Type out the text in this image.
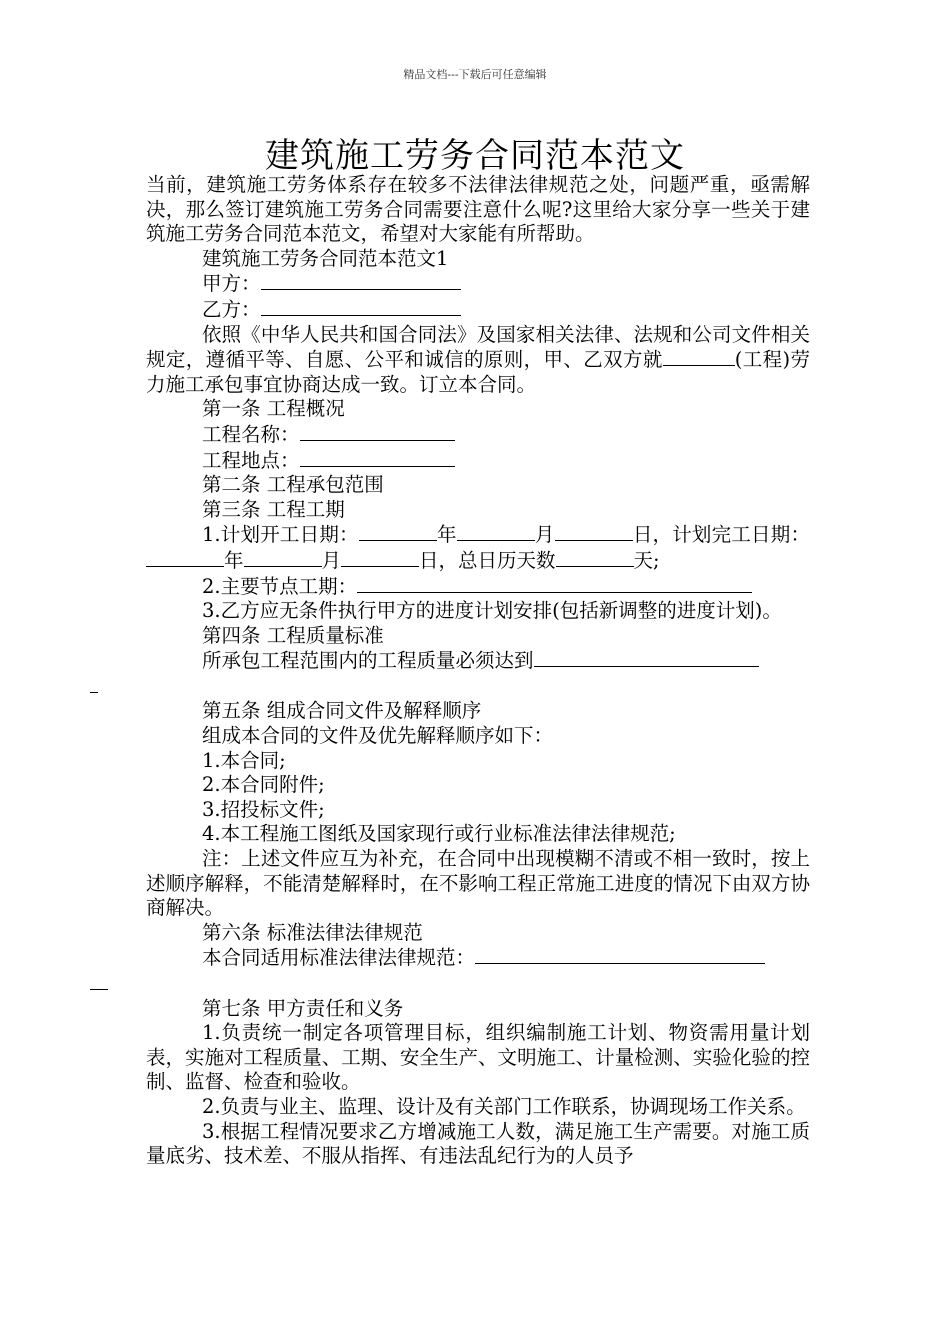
精品文档---下载后可任意编辑
建筑施工劳务合同范本范文

当前，建筑施工劳务体系存在较多不法律法律规范之处，问题严重，亟需解决，那么签订建筑施工劳务合同需要注意什么呢?这里给大家分享一些关于建筑施工劳务合同范本范文，希望对大家能有所帮助。

建筑施工劳务合同范本范文1

甲方：

乙方：

依照《中华人民共和国合同法》及国家相关法律、法规和公司文件相关规定，遵循平等、自愿、公平和诚信的原则，甲、乙双方就	(工程)劳力施工承包事宜协商达成一致。订立本合同。

第一条 工程概况

工程名称：

工程地点：

第二条 工程承包范围

第三条 工程工期

1.计划开工日期：	年	月	日，计划完工日期：年	月	日，总日历天数	天;

2.主要节点工期：

3.乙方应无条件执行甲方的进度计划安排(包括新调整的进度计划)。

第四条 工程质量标准

所承包工程范围内的工程质量必须达到

第五条 组成合同文件及解释顺序

组成本合同的文件及优先解释顺序如下：

1.本合同;

2.本合同附件;

3.招投标文件;

4.本工程施工图纸及国家现行或行业标准法律法律规范;

注：上述文件应互为补充，在合同中出现模糊不清或不相一致时，按上述顺序解释，不能清楚解释时，在不影响工程正常施工进度的情况下由双方协商解决。

第六条 标准法律法律规范

本合同适用标准法律法律规范：

第七条 甲方责任和义务

1.负责统一制定各项管理目标，组织编制施工计划、物资需用量计划表，实施对工程质量、工期、安全生产、文明施工、计量检测、实验化验的控制、监督、检查和验收。

2.负责与业主、监理、设计及有关部门工作联系，协调现场工作关系。

3.根据工程情况要求乙方增减施工人数，满足施工生产需要。对施工质量底劣、技术差、不服从指挥、有违法乱纪行为的人员予
